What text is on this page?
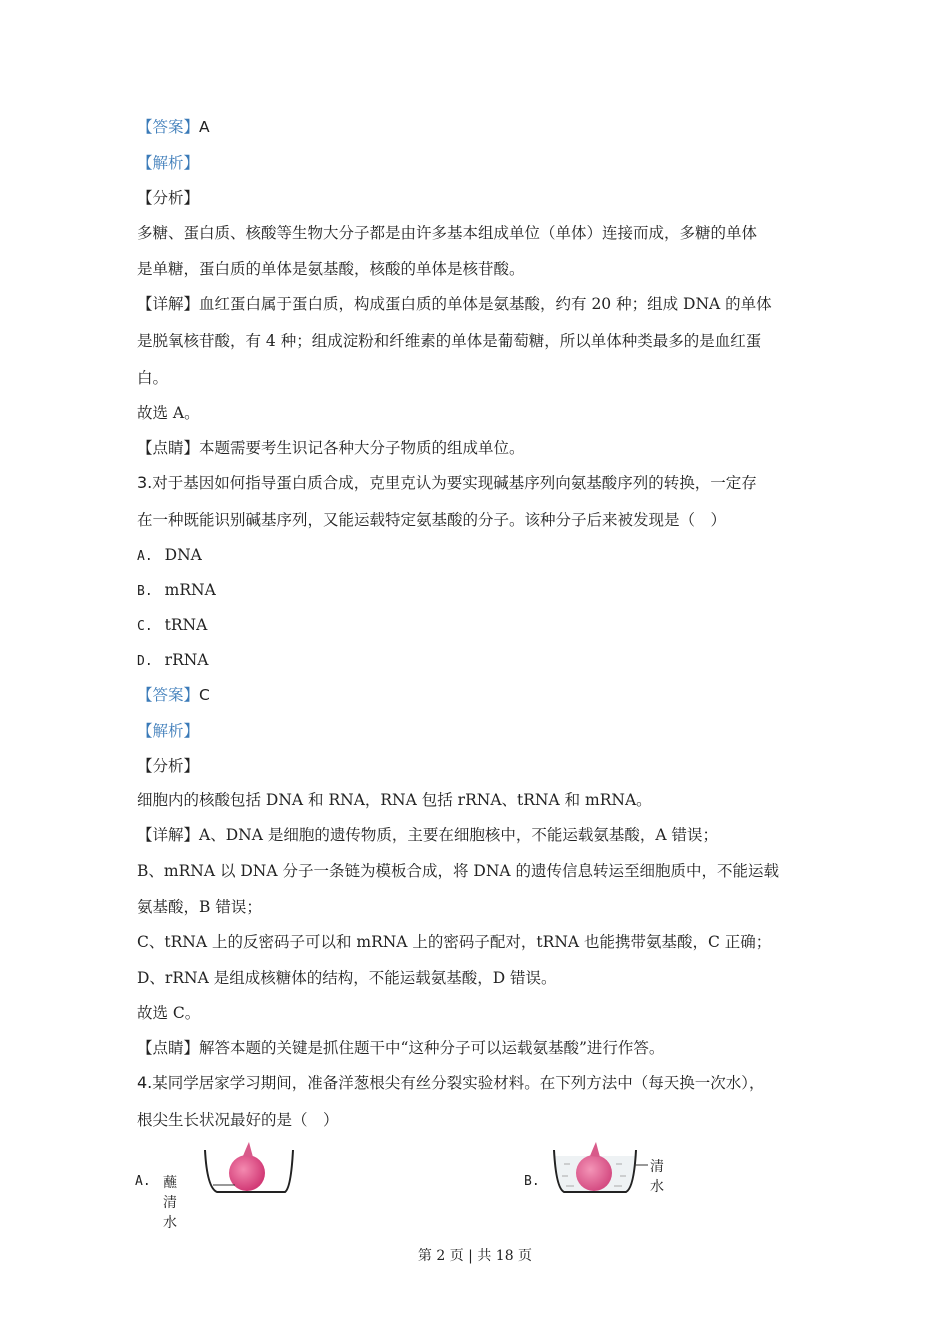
【答案】A
【解析】
【分析】
多糖、蛋白质、核酸等生物大分子都是由许多基本组成单位（单体）连接而成，多糖的单体
是单糖，蛋白质的单体是氨基酸，核酸的单体是核苷酸。
【详解】血红蛋白属于蛋白质，构成蛋白质的单体是氨基酸，约有 20 种；组成 DNA 的单体
是脱氧核苷酸，有 4 种；组成淀粉和纤维素的单体是葡萄糖，所以单体种类最多的是血红蛋
白。
故选 A。
【点睛】本题需要考生识记各种大分子物质的组成单位。
3.对于基因如何指导蛋白质合成，克里克认为要实现碱基序列向氨基酸序列的转换，一定存
在一种既能识别碱基序列，又能运载特定氨基酸的分子。该种分子后来被发现是（　）
A. DNA
B. mRNA
C. tRNA
D. rRNA
【答案】C
【解析】
【分析】
细胞内的核酸包括 DNA 和 RNA，RNA 包括 rRNA、tRNA 和 mRNA。
【详解】A、DNA 是细胞的遗传物质，主要在细胞核中，不能运载氨基酸，A 错误；
B、mRNA 以 DNA 分子一条链为模板合成，将 DNA 的遗传信息转运至细胞质中，不能运载
氨基酸，B 错误；
C、tRNA 上的反密码子可以和 mRNA 上的密码子配对，tRNA 也能携带氨基酸，C 正确；
D、rRNA 是组成核糖体的结构，不能运载氨基酸，D 错误。
故选 C。
【点睛】解答本题的关键是抓住题干中“这种分子可以运载氨基酸”进行作答。
4.某同学居家学习期间，准备洋葱根尖有丝分裂实验材料。在下列方法中（每天换一次水），
根尖生长状况最好的是（　）
A. 蘸清水
B.
清水
第 2 页 | 共 18 页
